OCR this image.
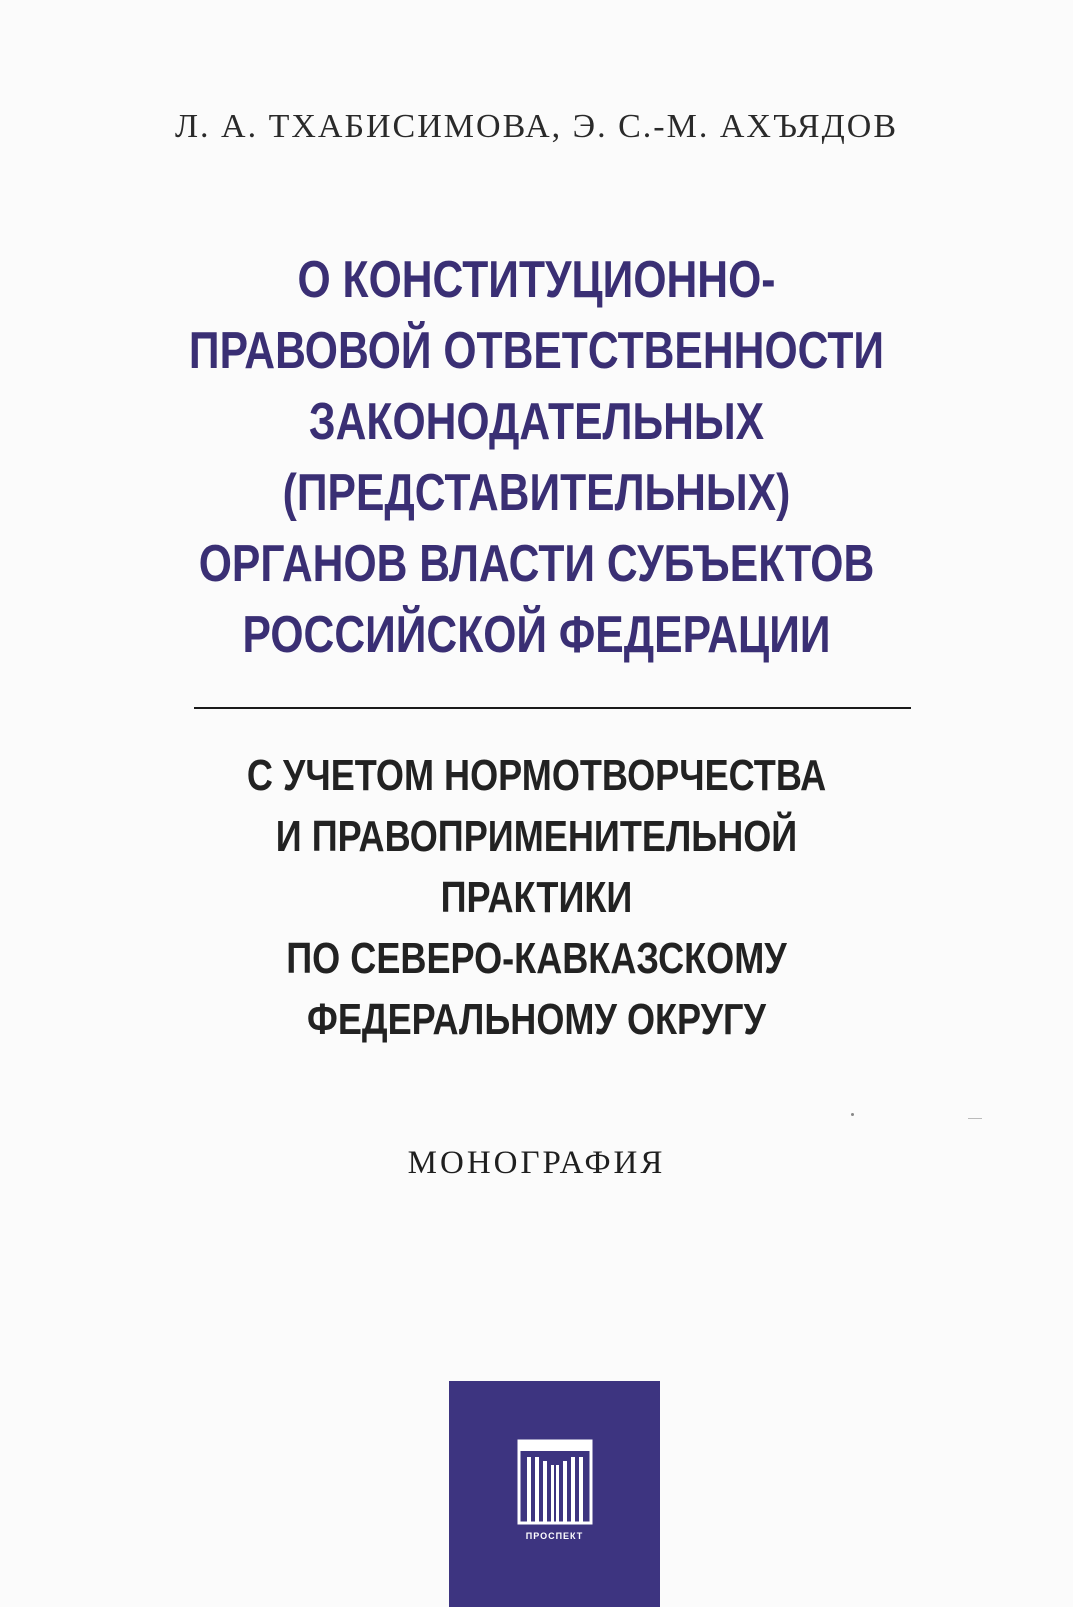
Л. А. ТХАБИСИМОВА, Э. С.-М. АХЪЯДОВ
О КОНСТИТУЦИОННО-
ПРАВОВОЙ ОТВЕТСТВЕННОСТИ
ЗАКОНОДАТЕЛЬНЫХ
(ПРЕДСТАВИТЕЛЬНЫХ)
ОРГАНОВ ВЛАСТИ СУБЪЕКТОВ
РОССИЙСКОЙ ФЕДЕРАЦИИ
С УЧЕТОМ НОРМОТВОРЧЕСТВА
И ПРАВОПРИМЕНИТЕЛЬНОЙ
ПРАКТИКИ
ПО СЕВЕРО-КАВКАЗСКОМУ
ФЕДЕРАЛЬНОМУ ОКРУГУ
МОНОГРАФИЯ
ПРОСПЕКТ
